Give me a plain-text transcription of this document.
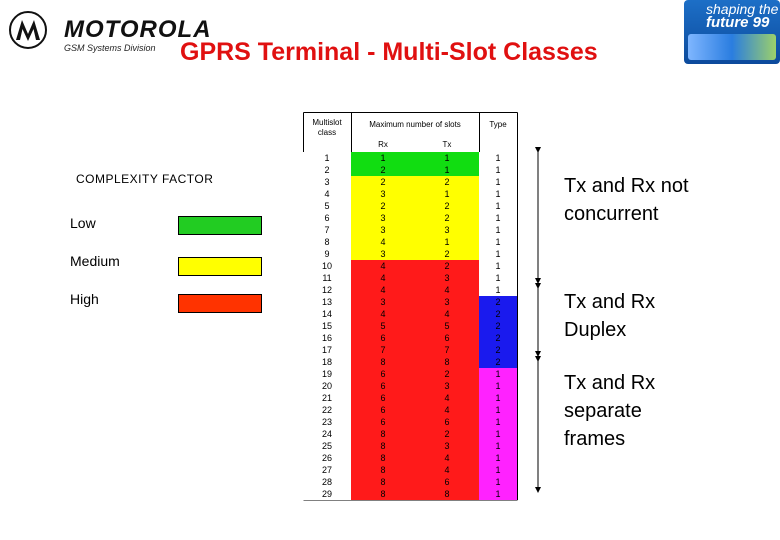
MOTOROLA
GSM Systems Division GPRS Terminal - Multi-Slot Classes
shaping the
future 99
COMPLEXITY FACTOR
Low
Medium
High
Multislot class
Maximum number of slots	Type
Rx	Tx
1	1	1	1
2	2	1	1
3	2	2	1
4	3	1	1
5	2	2	1
6	3	2	1
7	3	3	1
8	4	1	1
9	3	2	1
10	4	2	1
11	4	3	1
12	4	4	1
13	3	3	2
14	4	4	2
15	5	5	2
16	6	6	2
17	7	7	2
18	8	8	2
19	6	2	1
20	6	3	1
21	6	4	1
22	6	4	1
23	6	6	1
24	8	2	1
25	8	3	1
26	8	4	1
27	8	4	1
28	8	6	1
29	8	8	1
Tx and Rx not concurrent
Tx and Rx Duplex
Tx and Rx separate frames
